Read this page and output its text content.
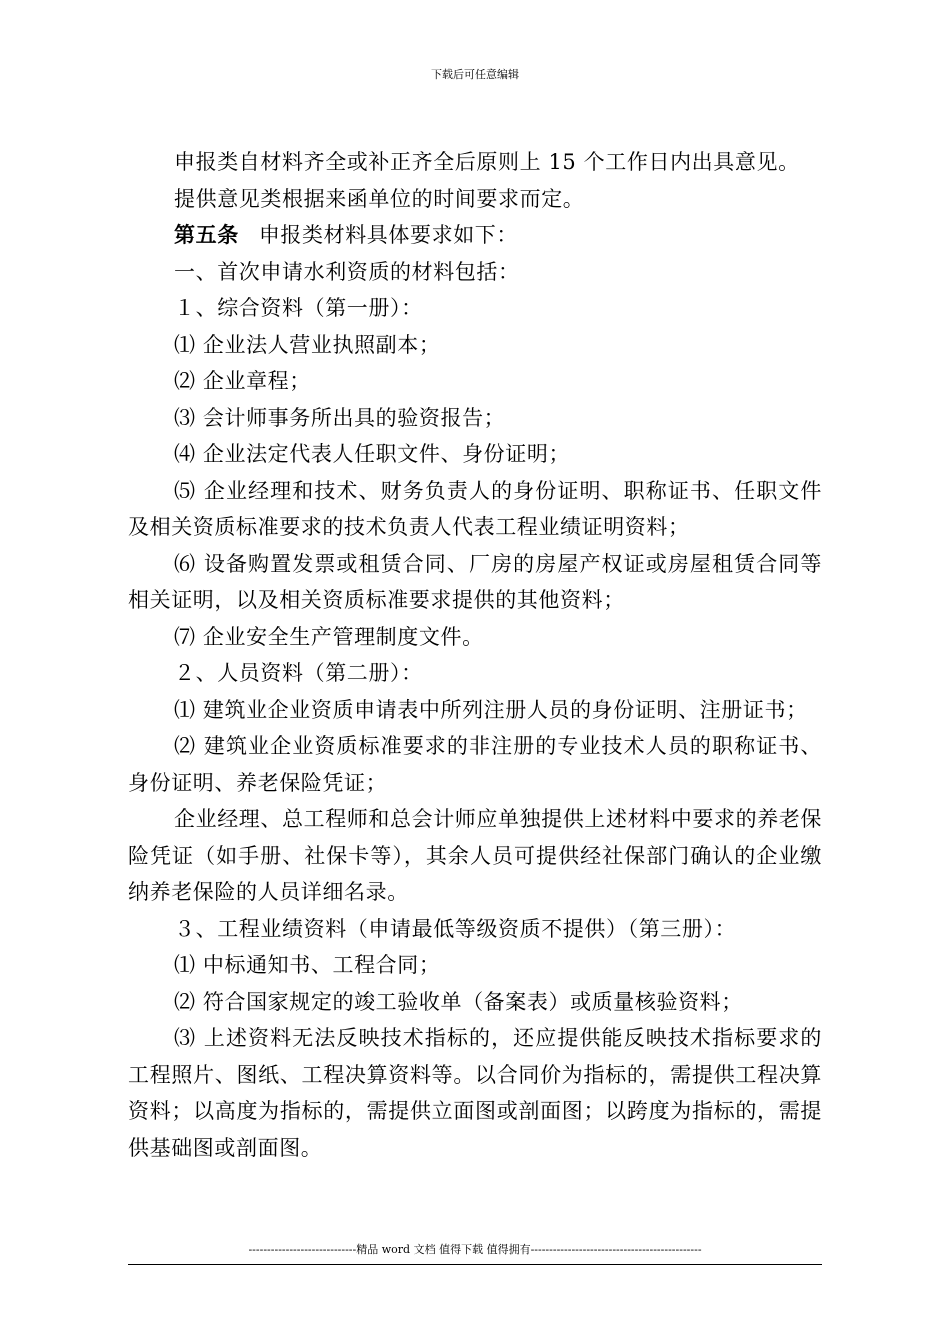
下载后可任意编辑

申报类自材料齐全或补正齐全后原则上 15 个工作日内出具意见。

提供意见类根据来函单位的时间要求而定。

第五条 申报类材料具体要求如下：

一、首次申请水利资质的材料包括：

１、综合资料（第一册）：

⑴ 企业法人营业执照副本；

⑵ 企业章程；

⑶ 会计师事务所出具的验资报告；

⑷ 企业法定代表人任职文件、身份证明；

⑸ 企业经理和技术、财务负责人的身份证明、职称证书、任职文件及相关资质标准要求的技术负责人代表工程业绩证明资料；

⑹ 设备购置发票或租赁合同、厂房的房屋产权证或房屋租赁合同等相关证明，以及相关资质标准要求提供的其他资料；

⑺ 企业安全生产管理制度文件。

２、人员资料（第二册）：

⑴ 建筑业企业资质申请表中所列注册人员的身份证明、注册证书；

⑵ 建筑业企业资质标准要求的非注册的专业技术人员的职称证书、身份证明、养老保险凭证；

企业经理、总工程师和总会计师应单独提供上述材料中要求的养老保险凭证（如手册、社保卡等），其余人员可提供经社保部门确认的企业缴纳养老保险的人员详细名录。

３、工程业绩资料（申请最低等级资质不提供）（第三册）：

⑴ 中标通知书、工程合同；

⑵ 符合国家规定的竣工验收单（备案表）或质量核验资料；

⑶ 上述资料无法反映技术指标的，还应提供能反映技术指标要求的工程照片、图纸、工程决算资料等。以合同价为指标的，需提供工程决算资料；以高度为指标的，需提供立面图或剖面图；以跨度为指标的，需提供基础图或剖面图。

-----------------------------精品 word 文档 值得下载 值得拥有----------------------------------------------
